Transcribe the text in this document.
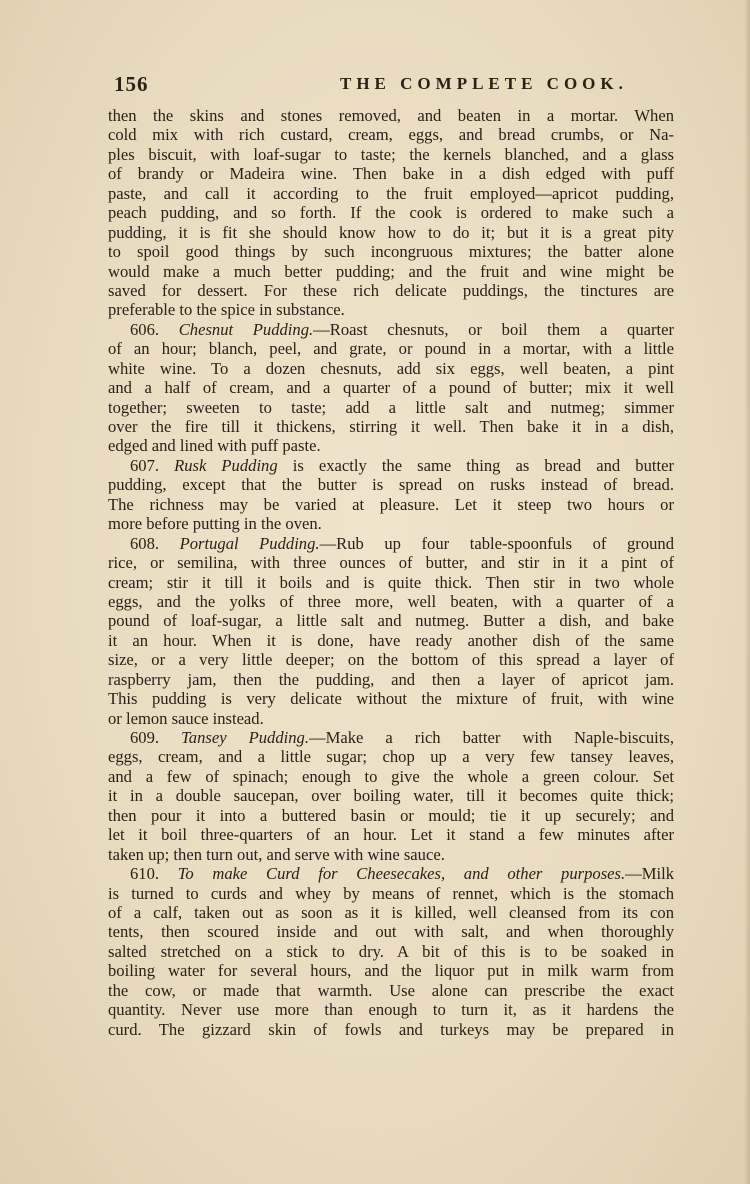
156	THE COMPLETE COOK.
then the skins and stones removed, and beaten in a mortar. When
cold mix with rich custard, cream, eggs, and bread crumbs, or Na-
ples biscuit, with loaf-sugar to taste; the kernels blanched, and a glass
of brandy or Madeira wine. Then bake in a dish edged with puff
paste, and call it according to the fruit employed—apricot pudding,
peach pudding, and so forth. If the cook is ordered to make such a
pudding, it is fit she should know how to do it; but it is a great pity
to spoil good things by such incongruous mixtures; the batter alone
would make a much better pudding; and the fruit and wine might be
saved for dessert. For these rich delicate puddings, the tinctures are
preferable to the spice in substance.
606. Chesnut Pudding.—Roast chesnuts, or boil them a quarter
of an hour; blanch, peel, and grate, or pound in a mortar, with a little
white wine. To a dozen chesnuts, add six eggs, well beaten, a pint
and a half of cream, and a quarter of a pound of butter; mix it well
together; sweeten to taste; add a little salt and nutmeg; simmer
over the fire till it thickens, stirring it well. Then bake it in a dish,
edged and lined with puff paste.
607. Rusk Pudding is exactly the same thing as bread and butter
pudding, except that the butter is spread on rusks instead of bread.
The richness may be varied at pleasure. Let it steep two hours or
more before putting in the oven.
608. Portugal Pudding.—Rub up four table-spoonfuls of ground
rice, or semilina, with three ounces of butter, and stir in it a pint of
cream; stir it till it boils and is quite thick. Then stir in two whole
eggs, and the yolks of three more, well beaten, with a quarter of a
pound of loaf-sugar, a little salt and nutmeg. Butter a dish, and bake
it an hour. When it is done, have ready another dish of the same
size, or a very little deeper; on the bottom of this spread a layer of
raspberry jam, then the pudding, and then a layer of apricot jam.
This pudding is very delicate without the mixture of fruit, with wine
or lemon sauce instead.
609. Tansey Pudding.—Make a rich batter with Naple-biscuits,
eggs, cream, and a little sugar; chop up a very few tansey leaves,
and a few of spinach; enough to give the whole a green colour. Set
it in a double saucepan, over boiling water, till it becomes quite thick;
then pour it into a buttered basin or mould; tie it up securely; and
let it boil three-quarters of an hour. Let it stand a few minutes after
taken up; then turn out, and serve with wine sauce.
610. To make Curd for Cheesecakes, and other purposes.—Milk
is turned to curds and whey by means of rennet, which is the stomach
of a calf, taken out as soon as it is killed, well cleansed from its con
tents, then scoured inside and out with salt, and when thoroughly
salted stretched on a stick to dry. A bit of this is to be soaked in
boiling water for several hours, and the liquor put in milk warm from
the cow, or made that warmth. Use alone can prescribe the exact
quantity. Never use more than enough to turn it, as it hardens the
curd. The gizzard skin of fowls and turkeys may be prepared in
